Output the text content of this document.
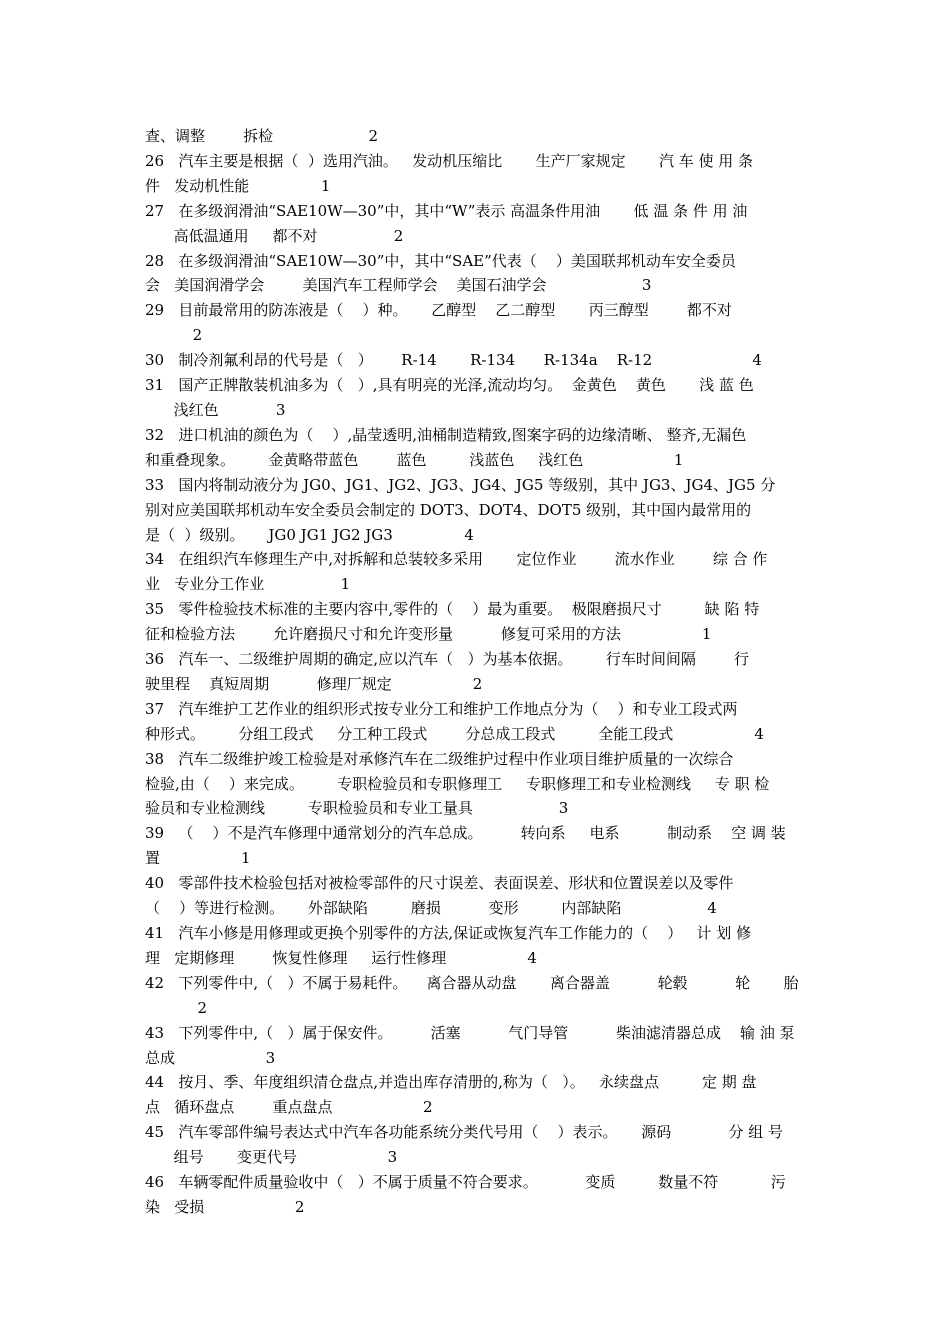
查、调整        拆检                    2
26   汽车主要是根据（  ）选用汽油。   发动机压缩比       生产厂家规定       汽 车 使 用 条
件   发动机性能               1
27   在多级润滑油“SAE10W—30”中，其中“W”表示 高温条件用油       低 温 条 件 用 油
高低温通用     都不对                2
28   在多级润滑油“SAE10W—30”中，其中“SAE”代表（    ）美国联邦机动车安全委员
会   美国润滑学会        美国汽车工程师学会    美国石油学会                    3
29   目前最常用的防冻液是（    ）种。     乙醇型    乙二醇型       丙三醇型        都不对
2
30   制冷剂氟利昂的代号是（   ）      R-14       R-134      R-134a    R-12                     4
31   国产正牌散装机油多为（   ）,具有明亮的光泽,流动均匀。  金黄色    黄色       浅 蓝 色
浅红色            3
32   进口机油的颜色为（    ）,晶莹透明,油桶制造精致,图案字码的边缘清晰、 整齐,无漏色
和重叠现象。       金黄略带蓝色        蓝色         浅蓝色     浅红色                   1
33   国内将制动液分为 JG0、JG1、JG2、JG3、JG4、JG5 等级别，其中 JG3、JG4、JG5 分
别对应美国联邦机动车安全委员会制定的 DOT3、DOT4、DOT5 级别，其中国内最常用的
是（  ）级别。     JG0 JG1 JG2 JG3               4
34   在组织汽车修理生产中,对拆解和总装较多采用       定位作业        流水作业        综 合 作
业   专业分工作业                1
35   零件检验技术标准的主要内容中,零件的（    ）最为重要。  极限磨损尺寸         缺 陷 特
征和检验方法        允许磨损尺寸和允许变形量          修复可采用的方法                 1
36   汽车一、二级维护周期的确定,应以汽车（   ）为基本依据。       行车时间间隔        行
驶里程    真短周期          修理厂规定                 2
37   汽车维护工艺作业的组织形式按专业分工和维护工作地点分为（    ）和专业工段式两
种形式。       分组工段式     分工种工段式        分总成工段式         全能工段式                 4
38   汽车二级维护竣工检验是对承修汽车在二级维护过程中作业项目维护质量的一次综合
检验,由（    ）来完成。       专职检验员和专职修理工     专职修理工和专业检测线     专 职 检
验员和专业检测线         专职检验员和专业工量具                  3
39   （    ）不是汽车修理中通常划分的汽车总成。        转向系     电系          制动系    空 调 装
置                 1
40   零部件技术检验包括对被检零部件的尺寸误差、表面误差、形状和位置误差以及零件
（    ）等进行检测。     外部缺陷         磨损          变形         内部缺陷                  4
41   汽车小修是用修理或更换个别零件的方法,保证或恢复汽车工作能力的（    ）   计 划 修
理   定期修理        恢复性修理     运行性修理                 4
42   下列零件中,（   ）不属于易耗件。    离合器从动盘       离合器盖          轮毂          轮       胎
2
43   下列零件中,（   ）属于保安件。        活塞          气门导管          柴油滤清器总成    输 油 泵
总成                   3
44   按月、季、年度组织清仓盘点,并造出库存清册的,称为（   ）。   永续盘点         定 期 盘
点   循环盘点        重点盘点                   2
45   汽车零部件编号表达式中汽车各功能系统分类代号用（    ）表示。     源码            分 组 号
组号       变更代号                   3
46   车辆零配件质量验收中（   ）不属于质量不符合要求。          变质         数量不符           污
染   受损                   2
